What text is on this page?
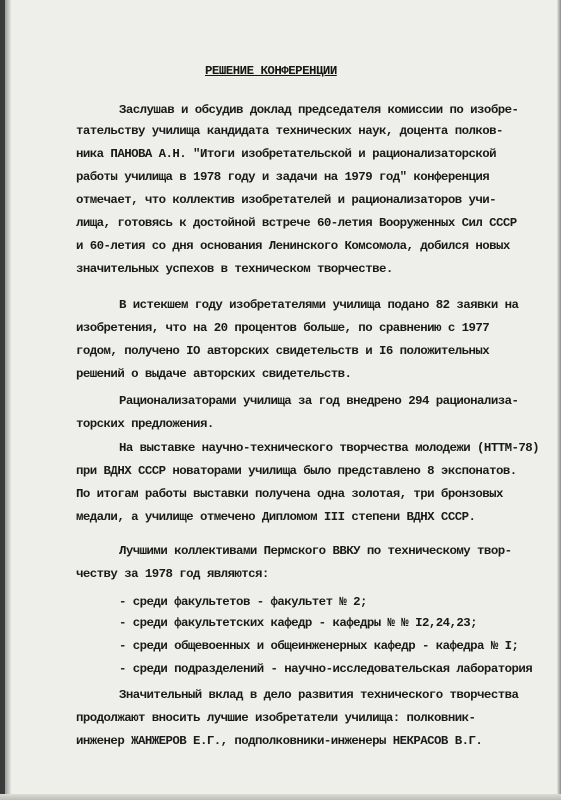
РЕШЕНИЕ КОНФЕРЕНЦИИ
Заслушав и обсудив доклад председателя комиссии по изобре-
тательству училища кандидата технических наук, доцента полков-
ника ПАНОВА А.Н. "Итоги изобретательской и рационализаторской
работы училища в 1978 году и задачи на 1979 год" конференция
отмечает, что коллектив изобретателей и рационализаторов учи-
лища, готовясь к достойной встрече 60-летия Вооруженных Сил СССР
и 60-летия со дня основания Ленинского Комсомола, добился новых
значительных успехов в техническом творчестве.
В истекшем году изобретателями училища подано 82 заявки на
изобретения, что на 20 процентов больше, по сравнению с 1977
годом, получено IO авторских свидетельств и I6 положительных
решений о выдаче авторских свидетельств.
Рационализаторами училища за год внедрено 294 рационализа-
торских предложения.
На выставке научно-технического творчества молодежи (НТТМ-78)
при ВДНХ СССР новаторами училища было представлено 8 экспонатов.
По итогам работы выставки получена одна золотая, три бронзовых
медали, а училище отмечено Дипломом III степени ВДНХ СССР.
Лучшими коллективами Пермского ВВКУ по техническому твор-
честву за 1978 год являются:
- среди факультетов - факультет № 2;
- среди факультетских кафедр - кафедры № № I2,24,23;
- среди общевоенных и общеинженерных кафедр - кафедра № I;
- среди подразделений - научно-исследовательская лаборатория
Значительный вклад в дело развития технического творчества
продолжают вносить лучшие изобретатели училища: полковник-
инженер ЖАНЖЕРОВ Е.Г., подполковники-инженеры НЕКРАСОВ В.Г.
